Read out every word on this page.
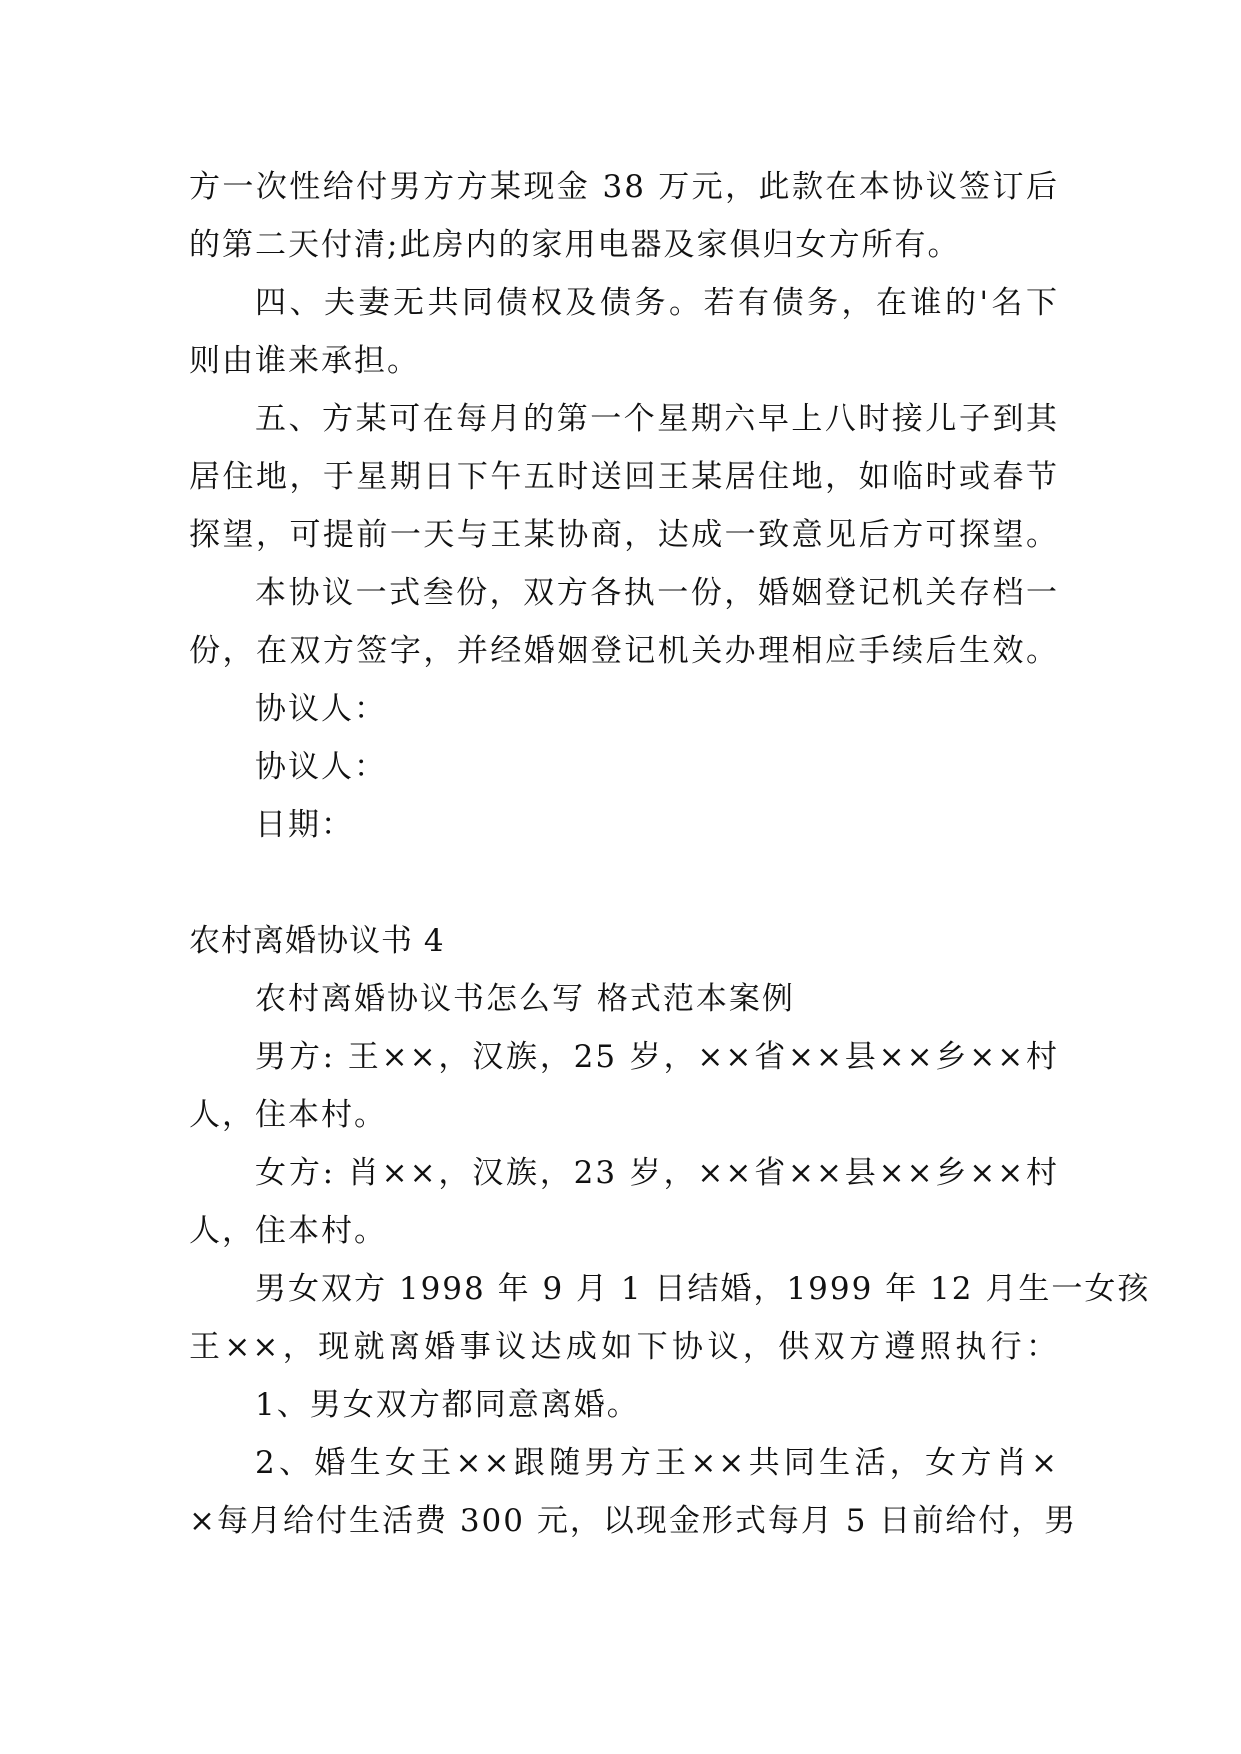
方一次性给付男方方某现金 38 万元，此款在本协议签订后
的第二天付清;此房内的家用电器及家俱归女方所有。
四、夫妻无共同债权及债务。若有债务，在谁的'名下
则由谁来承担。
五、方某可在每月的第一个星期六早上八时接儿子到其
居住地，于星期日下午五时送回王某居住地，如临时或春节
探望，可提前一天与王某协商，达成一致意见后方可探望。
本协议一式叁份，双方各执一份，婚姻登记机关存档一
份，在双方签字，并经婚姻登记机关办理相应手续后生效。
协议人：
协议人：
日期：
农村离婚协议书 4
农村离婚协议书怎么写 格式范本案例
男方: 王××，汉族，25 岁，××省××县××乡××村
人，住本村。
女方: 肖××，汉族，23 岁，××省××县××乡××村
人，住本村。
男女双方 1998 年 9 月 1 日结婚，1999 年 12 月生一女孩
王××，现就离婚事议达成如下协议，供双方遵照执行：
1、男女双方都同意离婚。
2、婚生女王××跟随男方王××共同生活，女方肖×
×每月给付生活费 300 元，以现金形式每月 5 日前给付，男
